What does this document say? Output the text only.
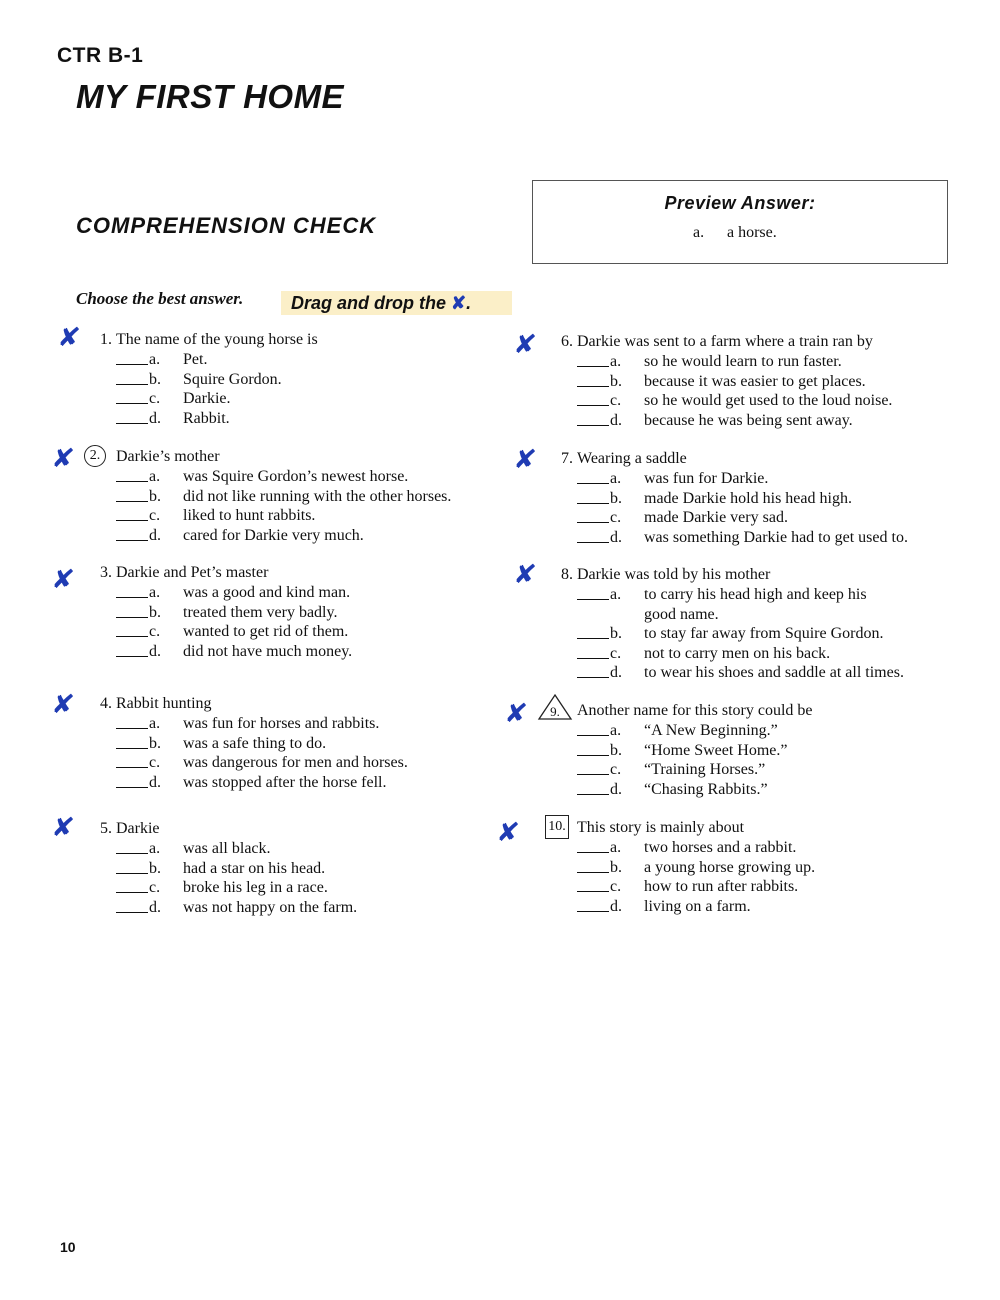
CTR B-1
MY FIRST HOME
COMPREHENSION CHECK
Preview Answer:
a. a horse.
Choose the best answer.	Drag and drop the ✘.
✘	1. The name of the young horse is
a. Pet.
b. Squire Gordon.
c. Darkie.
d. Rabbit.
✘ 2. Darkie’s mother
a. was Squire Gordon’s newest horse.
b. did not like running with the other horses.
c. liked to hunt rabbits.
d. cared for Darkie very much.
✘	3. Darkie and Pet’s master
a. was a good and kind man.
b. treated them very badly.
c. wanted to get rid of them.
d. did not have much money.
✘	4. Rabbit hunting
a. was fun for horses and rabbits.
b. was a safe thing to do.
c. was dangerous for men and horses.
d. was stopped after the horse fell.
✘	5. Darkie
a. was all black.
b. had a star on his head.
c. broke his leg in a race.
d. was not happy on the farm.
✘	6. Darkie was sent to a farm where a train ran by
a. so he would learn to run faster.
b. because it was easier to get places.
c. so he would get used to the loud noise.
d. because he was being sent away.
✘	7. Wearing a saddle
a. was fun for Darkie.
b. made Darkie hold his head high.
c. made Darkie very sad.
d. was something Darkie had to get used to.
✘	8. Darkie was told by his mother
a. to carry his head high and keep his
good name.
b. to stay far away from Squire Gordon.
c. not to carry men on his back.
d. to wear his shoes and saddle at all times.
✘	9.	Another name for this story could be
a. “A New Beginning.”
b. “Home Sweet Home.”
c. “Training Horses.”
d. “Chasing Rabbits.”
✘ 10. This story is mainly about
a. two horses and a rabbit.
b. a young horse growing up.
c. how to run after rabbits.
d. living on a farm.
10
